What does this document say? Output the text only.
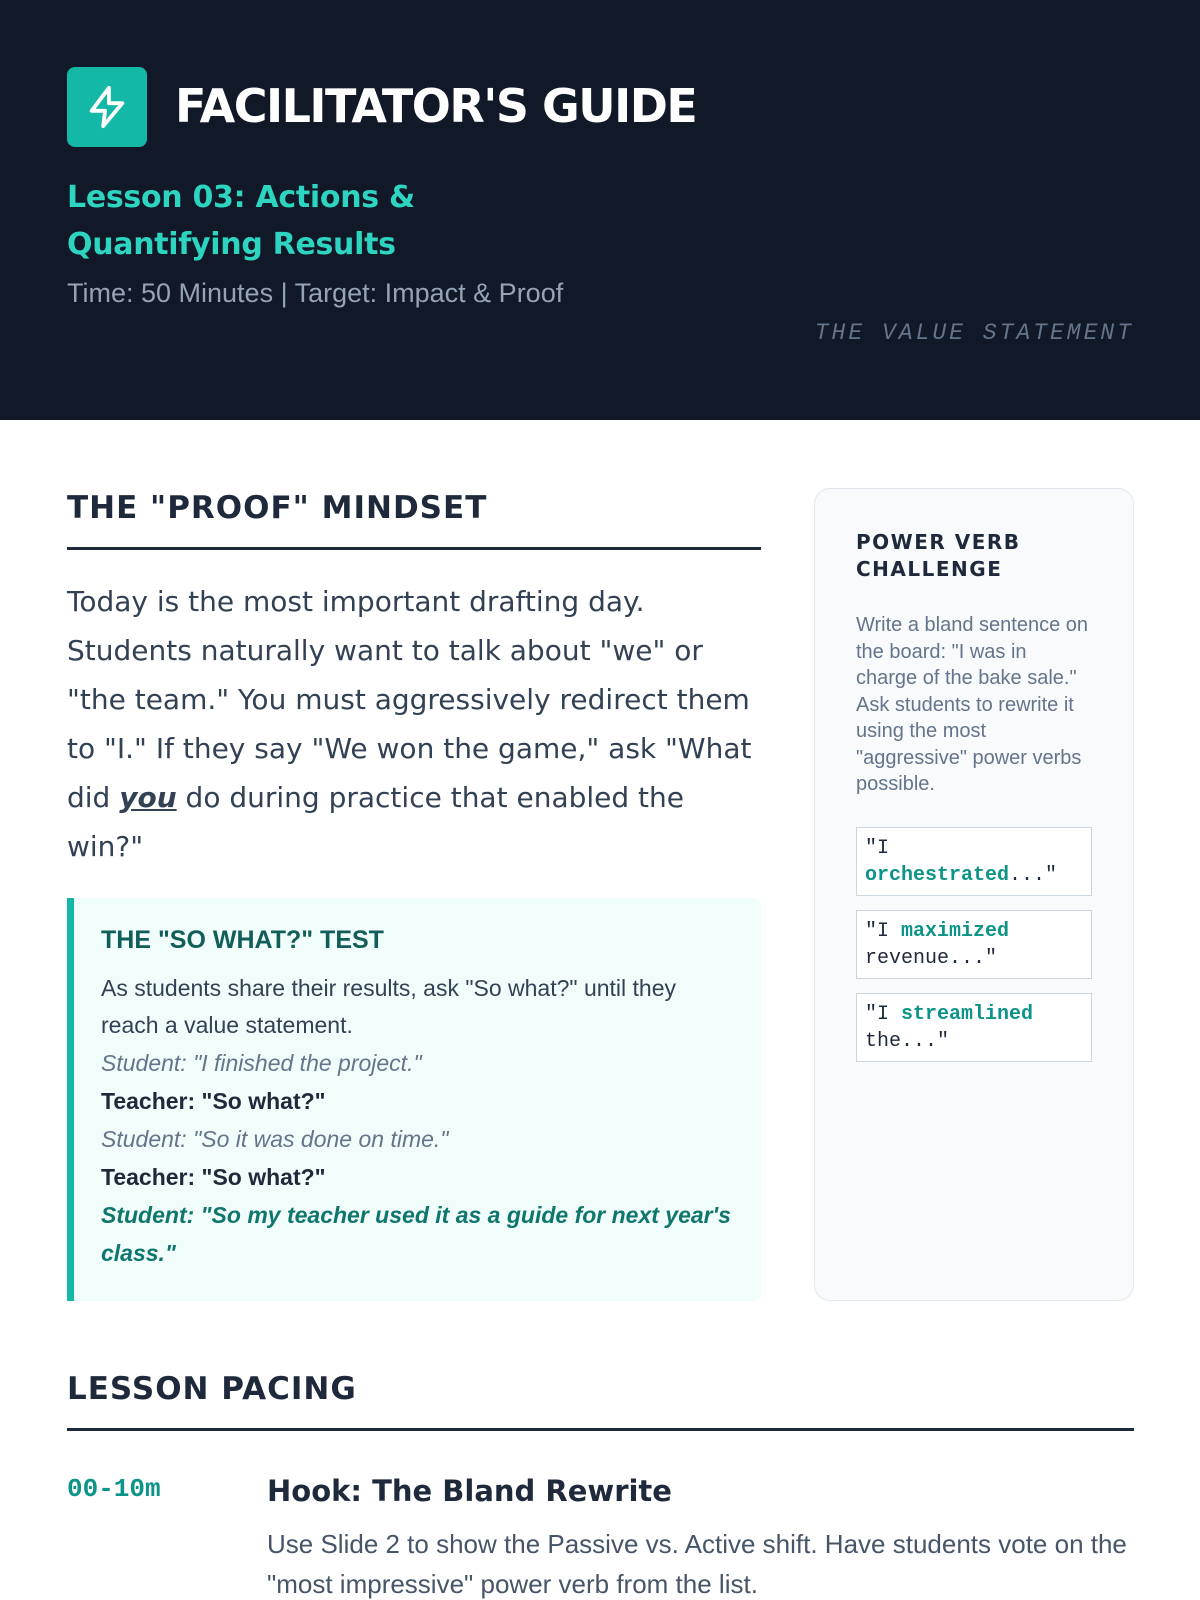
FACILITATOR'S GUIDE
Lesson 03: Actions & Quantifying Results
Time: 50 Minutes | Target: Impact & Proof
THE VALUE STATEMENT
THE "PROOF" MINDSET

Today is the most important drafting day. Students naturally want to talk about "we" or "the team." You must aggressively redirect them to "I." If they say "We won the game," ask "What did you do during practice that enabled the win?"

THE "SO WHAT?" TEST
As students share their results, ask "So what?" until they reach a value statement.
Student: "I finished the project."
Teacher: "So what?"
Student: "So it was done on time."
Teacher: "So what?"
Student: "So my teacher used it as a guide for next year's class."
POWER VERB CHALLENGE
Write a bland sentence on the board: "I was in charge of the bake sale." Ask students to rewrite it using the most "aggressive" power verbs possible.
"I orchestrated..."
"I maximized revenue..."
"I streamlined the..."
LESSON PACING
00-10m	Hook: The Bland Rewrite
Use Slide 2 to show the Passive vs. Active shift. Have students vote on the "most impressive" power verb from the list.
